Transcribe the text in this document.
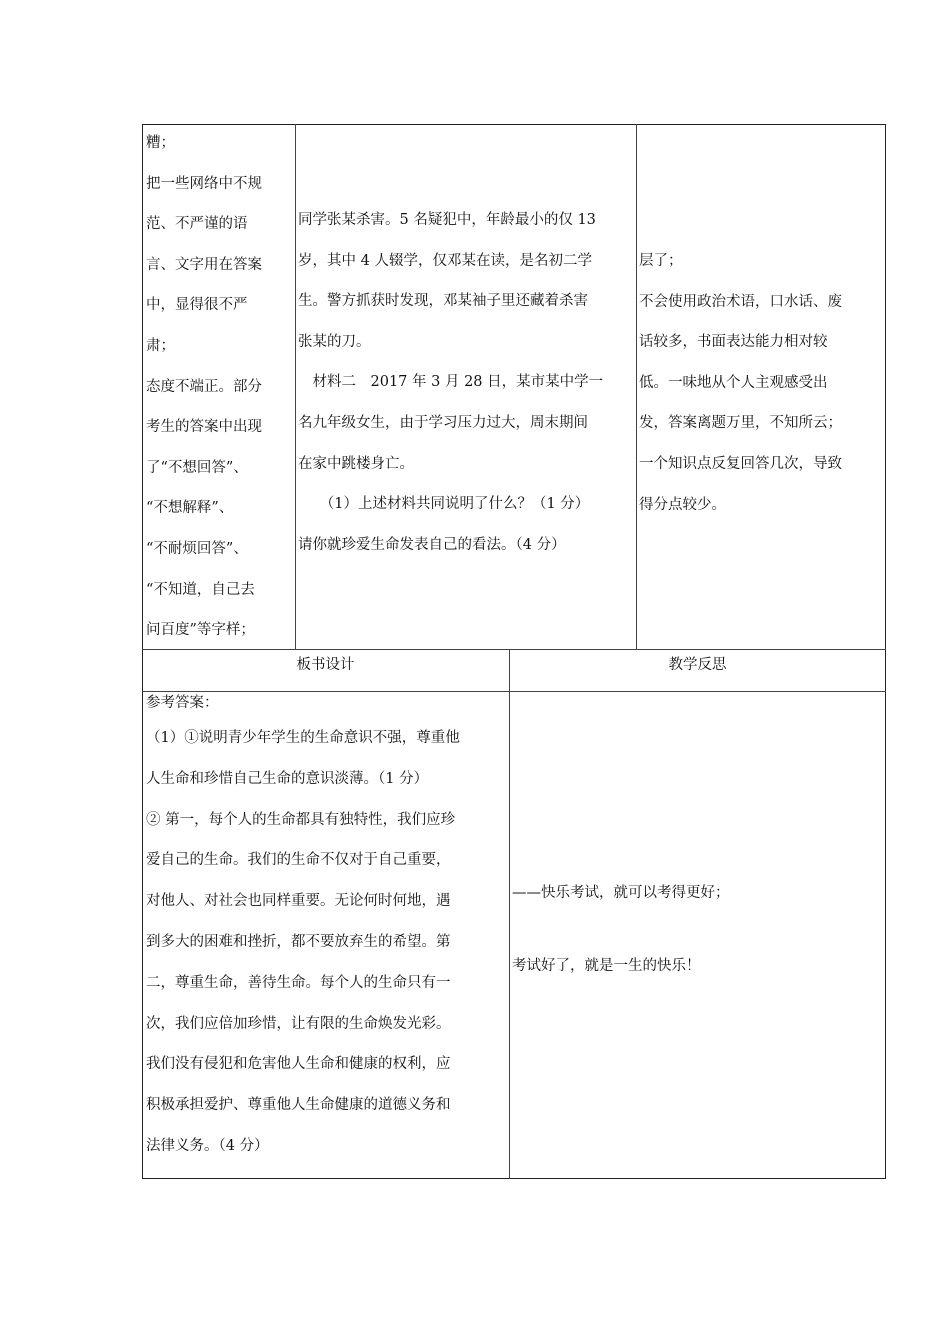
糟；
把一些网络中不规
范、不严谨的语
言、文字用在答案
中，显得很不严
肃；
态度不端正。部分
考生的答案中出现
了“不想回答”、
“不想解释”、
“不耐烦回答”、
“不知道，自己去
问百度”等字样；
同学张某杀害。5 名疑犯中，年龄最小的仅 13
岁，其中 4 人辍学，仅邓某在读，是名初二学
生。警方抓获时发现，邓某袖子里还藏着杀害
张某的刀。
　材料二　2017 年 3 月 28 日，某市某中学一
名九年级女生，由于学习压力过大，周末期间
在家中跳楼身亡。
　　（1）上述材料共同说明了什么？（1 分）
请你就珍爱生命发表自己的看法。（4 分）
层了；
不会使用政治术语，口水话、废
话较多，书面表达能力相对较
低。一味地从个人主观感受出
发，答案离题万里，不知所云；
一个知识点反复回答几次，导致
得分点较少。
板书设计	教学反思
参考答案：
（1）①说明青少年学生的生命意识不强，尊重他
人生命和珍惜自己生命的意识淡薄。（1 分）
② 第一，每个人的生命都具有独特性，我们应珍
爱自己的生命。我们的生命不仅对于自己重要，
对他人、对社会也同样重要。无论何时何地，遇
到多大的困难和挫折，都不要放弃生的希望。第
二，尊重生命，善待生命。每个人的生命只有一
次，我们应倍加珍惜，让有限的生命焕发光彩。
我们没有侵犯和危害他人生命和健康的权利，应
积极承担爱护、尊重他人生命健康的道德义务和
法律义务。（4 分）
——快乐考试，就可以考得更好；
考试好了，就是一生的快乐！
